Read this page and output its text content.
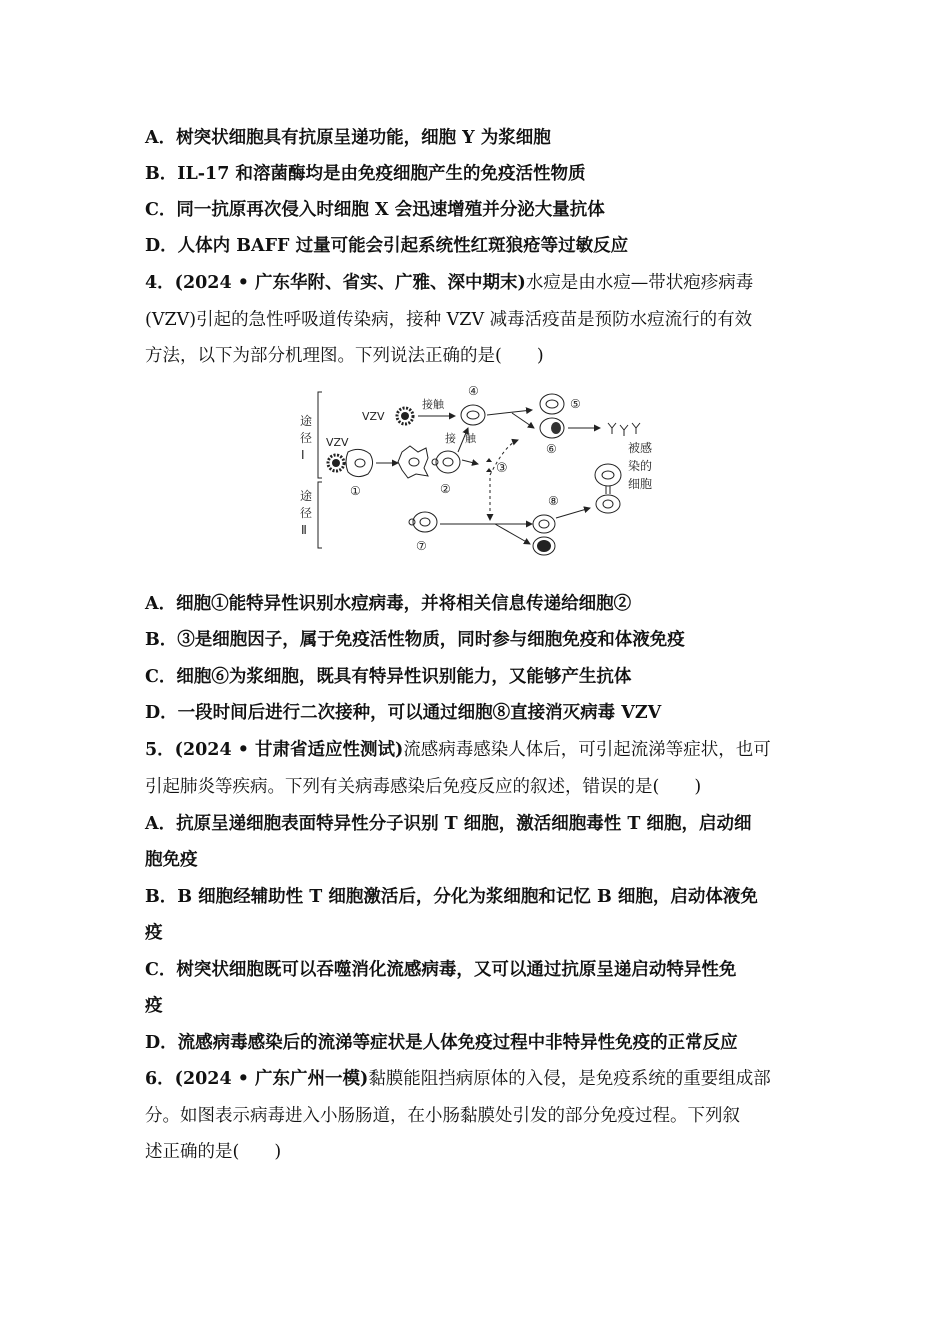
A．树突状细胞具有抗原呈递功能，细胞 Y 为浆细胞
B．IL-17 和溶菌酶均是由免疫细胞产生的免疫活性物质
C．同一抗原再次侵入时细胞 X 会迅速增殖并分泌大量抗体
D．人体内 BAFF 过量可能会引起系统性红斑狼疮等过敏反应
4．(2024 • 广东华附、省实、广雅、深中期末)水痘是由水痘—带状疱疹病毒
(VZV)引起的急性呼吸道传染病，接种 VZV 减毒活疫苗是预防水痘流行的有效
方法，以下为部分机理图。下列说法正确的是(　　)
途
径
Ⅰ
途
径
Ⅱ
VZV
接触
④
⑤
⑥
VZV
①
接 触
②
③
⑦
⑧
被感
染的
细胞
A．细胞①能特异性识别水痘病毒，并将相关信息传递给细胞②
B．③是细胞因子，属于免疫活性物质，同时参与细胞免疫和体液免疫
C．细胞⑥为浆细胞，既具有特异性识别能力，又能够产生抗体
D．一段时间后进行二次接种，可以通过细胞⑧直接消灭病毒 VZV
5．(2024 • 甘肃省适应性测试)流感病毒感染人体后，可引起流涕等症状，也可
引起肺炎等疾病。下列有关病毒感染后免疫反应的叙述，错误的是(　　)
A．抗原呈递细胞表面特异性分子识别 T 细胞，激活细胞毒性 T 细胞，启动细
胞免疫
B．B 细胞经辅助性 T 细胞激活后，分化为浆细胞和记忆 B 细胞，启动体液免
疫
C．树突状细胞既可以吞噬消化流感病毒，又可以通过抗原呈递启动特异性免
疫
D．流感病毒感染后的流涕等症状是人体免疫过程中非特异性免疫的正常反应
6．(2024 • 广东广州一模)黏膜能阻挡病原体的入侵，是免疫系统的重要组成部
分。如图表示病毒进入小肠肠道，在小肠黏膜处引发的部分免疫过程。下列叙
述正确的是(　　)
